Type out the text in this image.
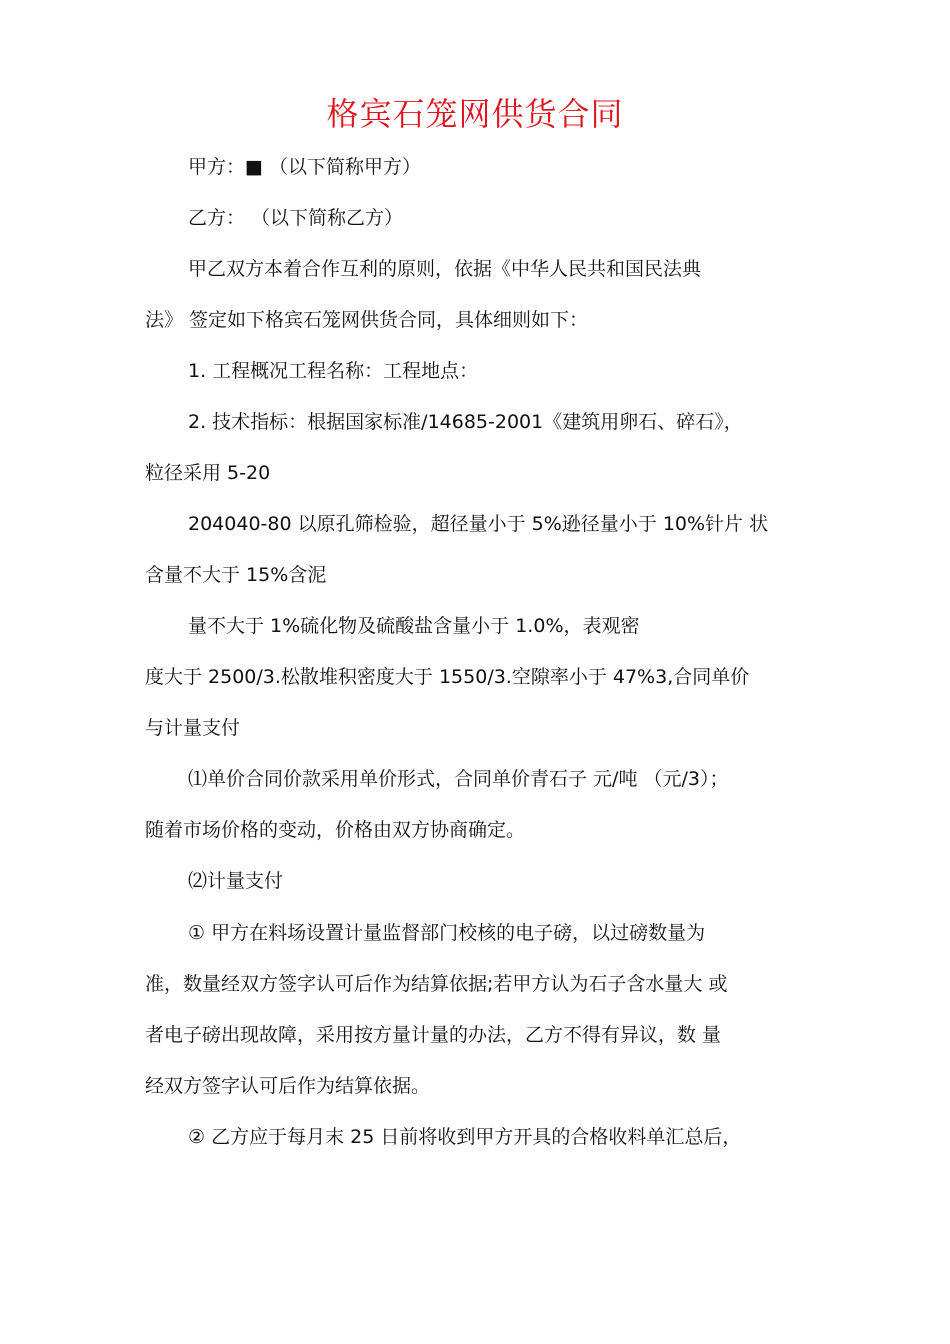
格宾石笼网供货合同
甲方：■ （以下简称甲方）
乙方： （以下简称乙方）
甲乙双方本着合作互利的原则，依据《中华人民共和国民法典
法》 签定如下格宾石笼网供货合同，具体细则如下：
1. 工程概况工程名称：工程地点：
2. 技术指标：根据国家标准/14685-2001《建筑用卵石、碎石》，
粒径采用 5-20
204040-80 以原孔筛检验，超径量小于 5%逊径量小于 10%针片 状
含量不大于 15%含泥
量不大于 1%硫化物及硫酸盐含量小于 1.0%，表观密
度大于 2500/3.松散堆积密度大于 1550/3.空隙率小于 47%3,合同单价
与计量支付
⑴单价合同价款采用单价形式，合同单价青石子 元/吨 （元/3）；
随着市场价格的变动，价格由双方协商确定。
⑵计量支付
① 甲方在料场设置计量监督部门校核的电子磅，以过磅数量为
准，数量经双方签字认可后作为结算依据;若甲方认为石子含水量大 或
者电子磅出现故障，采用按方量计量的办法，乙方不得有异议，数 量
经双方签字认可后作为结算依据。
② 乙方应于每月末 25 日前将收到甲方开具的合格收料单汇总后，
